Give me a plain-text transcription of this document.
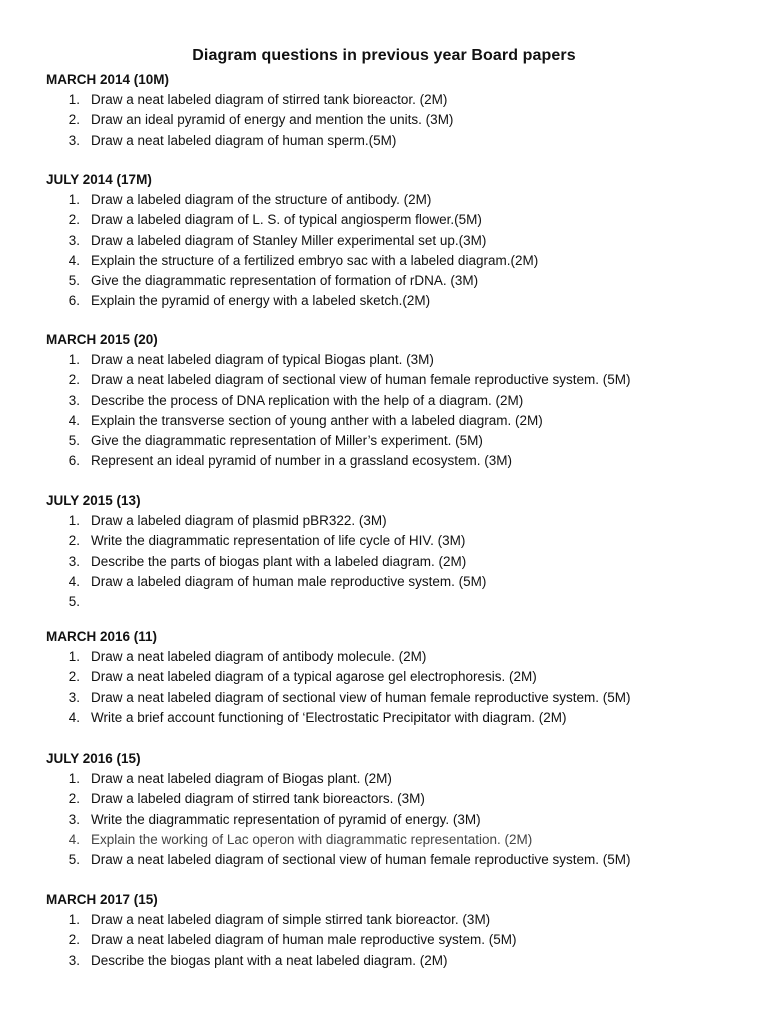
Diagram questions in previous year Board papers
MARCH 2014 (10M)
1. Draw a neat labeled diagram of stirred tank bioreactor. (2M)
2. Draw an ideal pyramid of energy and mention the units. (3M)
3. Draw a neat labeled diagram of human sperm.(5M)
JULY 2014 (17M)
1. Draw a labeled diagram of the structure of antibody. (2M)
2. Draw a labeled diagram of L. S. of typical angiosperm flower.(5M)
3. Draw a labeled diagram of Stanley Miller experimental set up.(3M)
4. Explain the structure of a fertilized embryo sac with a labeled diagram.(2M)
5. Give the diagrammatic representation of formation of rDNA. (3M)
6. Explain the pyramid of energy with a labeled sketch.(2M)
MARCH 2015 (20)
1. Draw a neat labeled diagram of typical Biogas plant. (3M)
2. Draw a neat labeled diagram of sectional view of human female reproductive system. (5M)
3. Describe the process of DNA replication with the help of a diagram. (2M)
4. Explain the transverse section of young anther with a labeled diagram. (2M)
5. Give the diagrammatic representation of Miller’s experiment. (5M)
6. Represent an ideal pyramid of number in a grassland ecosystem. (3M)
JULY 2015 (13)
1. Draw a labeled diagram of plasmid pBR322. (3M)
2. Write the diagrammatic representation of life cycle of HIV. (3M)
3. Describe the parts of biogas plant with a labeled diagram. (2M)
4. Draw a labeled diagram of human male reproductive system. (5M)
5.
MARCH 2016 (11)
1. Draw a neat labeled diagram of antibody molecule. (2M)
2. Draw a neat labeled diagram of a typical agarose gel electrophoresis. (2M)
3. Draw a neat labeled diagram of sectional view of human female reproductive system. (5M)
4. Write a brief account functioning of ‘Electrostatic Precipitator with diagram. (2M)
JULY 2016 (15)
1. Draw a neat labeled diagram of Biogas plant. (2M)
2. Draw a labeled diagram of stirred tank bioreactors. (3M)
3. Write the diagrammatic representation of pyramid of energy. (3M)
4. Explain the working of Lac operon with diagrammatic representation. (2M)
5. Draw a neat labeled diagram of sectional view of human female reproductive system. (5M)
MARCH 2017 (15)
1. Draw a neat labeled diagram of simple stirred tank bioreactor. (3M)
2. Draw a neat labeled diagram of human male reproductive system. (5M)
3. Describe the biogas plant with a neat labeled diagram. (2M)
